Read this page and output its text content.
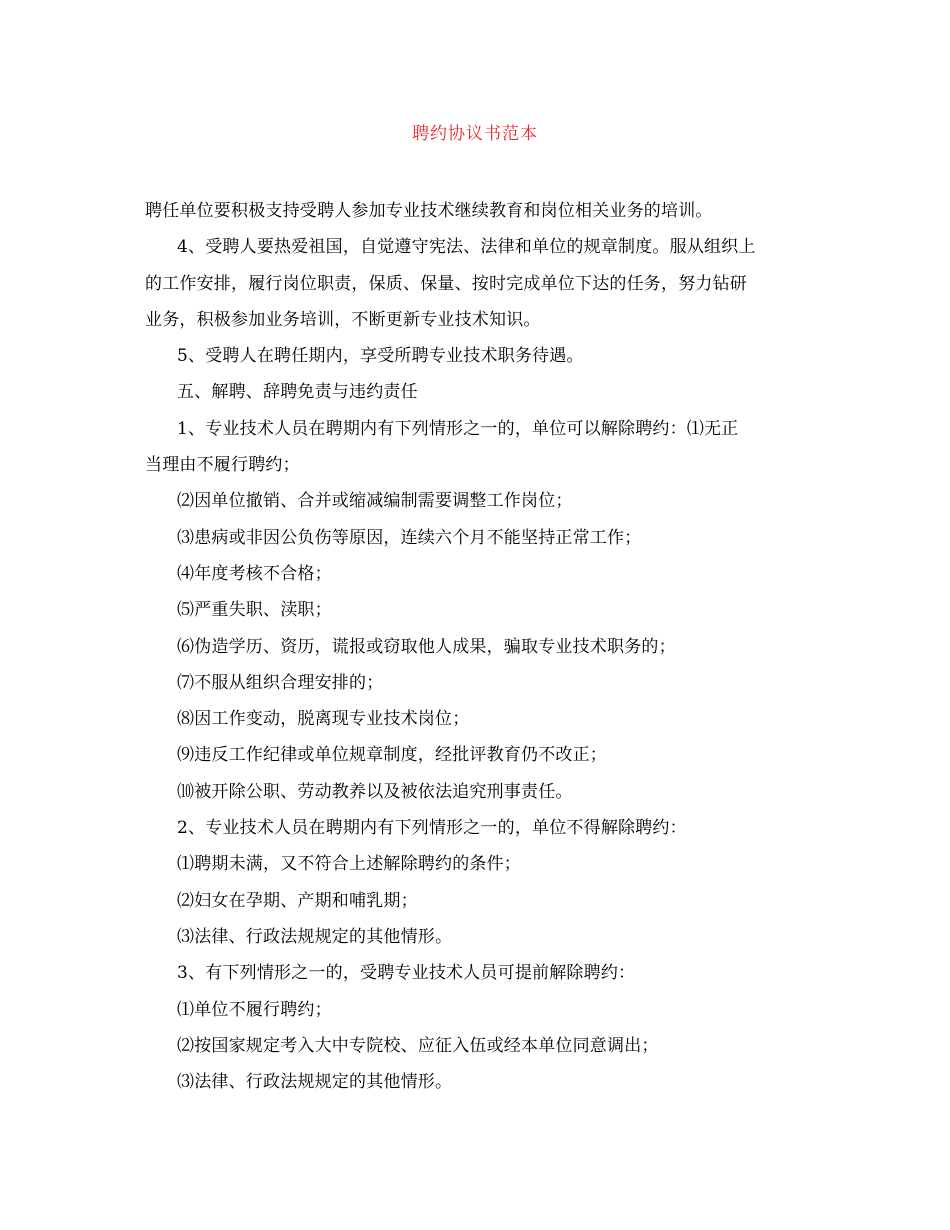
聘约协议书范本

聘任单位要积极支持受聘人参加专业技术继续教育和岗位相关业务的培训。

4、受聘人要热爱祖国，自觉遵守宪法、法律和单位的规章制度。服从组织上

的工作安排，履行岗位职责，保质、保量、按时完成单位下达的任务，努力钻研

业务，积极参加业务培训，不断更新专业技术知识。

5、受聘人在聘任期内，享受所聘专业技术职务待遇。

五、解聘、辞聘免责与违约责任

1、专业技术人员在聘期内有下列情形之一的，单位可以解除聘约：⑴无正

当理由不履行聘约；

⑵因单位撤销、合并或缩减编制需要调整工作岗位；

⑶患病或非因公负伤等原因，连续六个月不能坚持正常工作；

⑷年度考核不合格；

⑸严重失职、渎职；

⑹伪造学历、资历，谎报或窃取他人成果，骗取专业技术职务的；

⑺不服从组织合理安排的；

⑻因工作变动，脱离现专业技术岗位；

⑼违反工作纪律或单位规章制度，经批评教育仍不改正；

⑽被开除公职、劳动教养以及被依法追究刑事责任。

2、专业技术人员在聘期内有下列情形之一的，单位不得解除聘约：

⑴聘期未满，又不符合上述解除聘约的条件；

⑵妇女在孕期、产期和哺乳期；

⑶法律、行政法规规定的其他情形。

3、有下列情形之一的，受聘专业技术人员可提前解除聘约：

⑴单位不履行聘约；

⑵按国家规定考入大中专院校、应征入伍或经本单位同意调出；

⑶法律、行政法规规定的其他情形。
